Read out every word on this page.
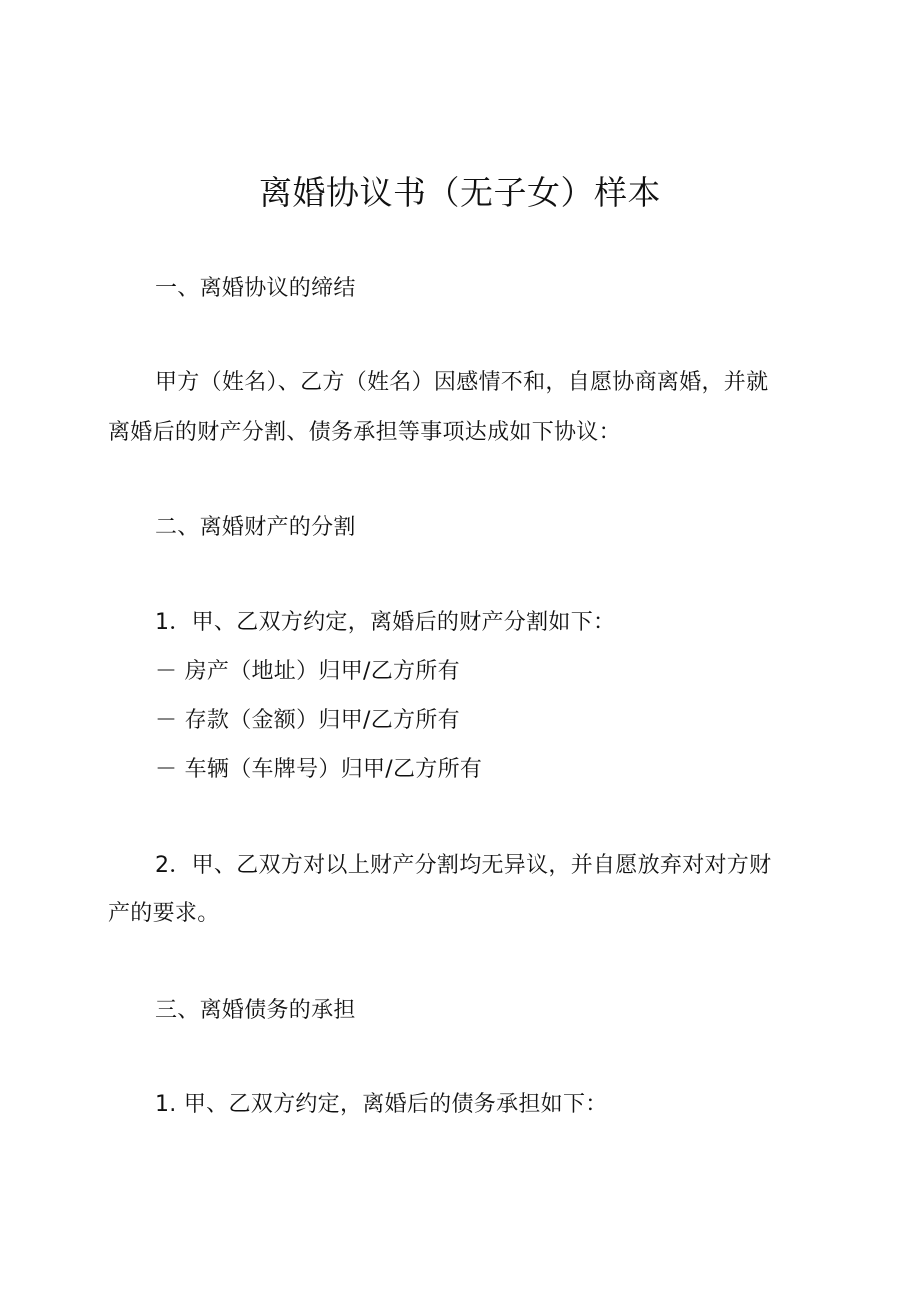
离婚协议书（无子女）样本
一、离婚协议的缔结
甲方（姓名）、乙方（姓名）因感情不和，自愿协商离婚，并就
离婚后的财产分割、债务承担等事项达成如下协议：
二、离婚财产的分割
1．甲、乙双方约定，离婚后的财产分割如下：
－ 房产（地址）归甲/乙方所有
－ 存款（金额）归甲/乙方所有
－ 车辆（车牌号）归甲/乙方所有
2．甲、乙双方对以上财产分割均无异议，并自愿放弃对对方财
产的要求。
三、离婚债务的承担
1. 甲、乙双方约定，离婚后的债务承担如下：
